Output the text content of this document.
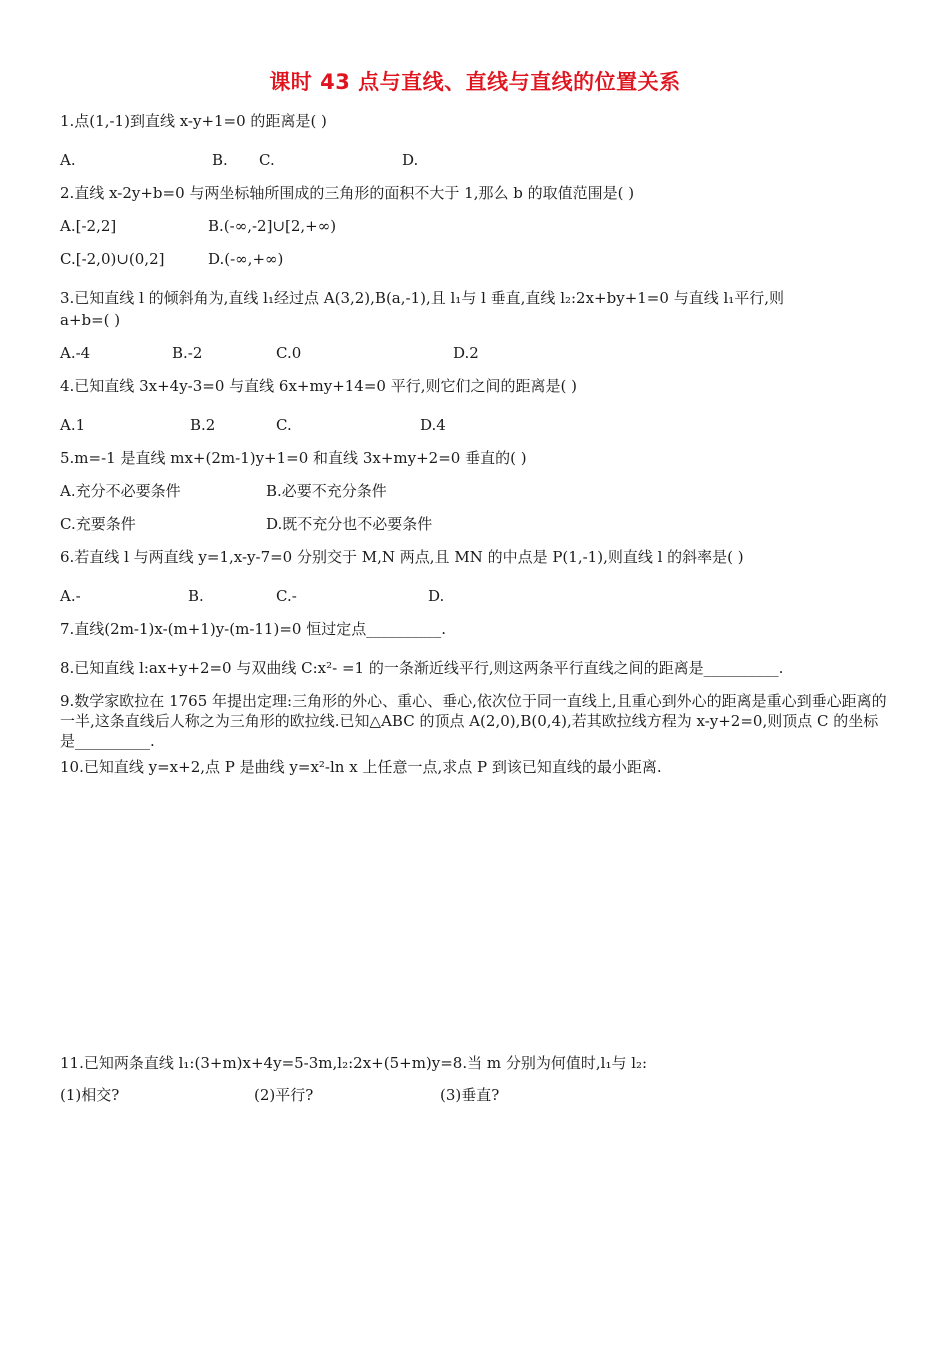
课时 43 点与直线、直线与直线的位置关系
1.点(1,-1)到直线 x-y+1=0 的距离是( )
A.	B. C.	D.
2.直线 x-2y+b=0 与两坐标轴所围成的三角形的面积不大于 1,那么 b 的取值范围是( )
A.[-2,2]	B.(-∞,-2]∪[2,+∞)
C.[-2,0)∪(0,2]	D.(-∞,+∞)
3.已知直线 l 的倾斜角为,直线 l₁经过点 A(3,2),B(a,-1),且 l₁与 l 垂直,直线 l₂:2x+by+1=0 与直线 l₁平行,则
a+b=( )
A.-4	B.-2	C.0	D.2
4.已知直线 3x+4y-3=0 与直线 6x+my+14=0 平行,则它们之间的距离是( )
A.1	B.2	C.	D.4
5.m=-1 是直线 mx+(2m-1)y+1=0 和直线 3x+my+2=0 垂直的( )
A.充分不必要条件	B.必要不充分条件
C.充要条件	D.既不充分也不必要条件
6.若直线 l 与两直线 y=1,x-y-7=0 分别交于 M,N 两点,且 MN 的中点是 P(1,-1),则直线 l 的斜率是( )
A.-	B.	C.-	D.
7.直线(2m-1)x-(m+1)y-(m-11)=0 恒过定点__________.
8.已知直线 l:ax+y+2=0 与双曲线 C:x²- =1 的一条渐近线平行,则这两条平行直线之间的距离是__________.
9.数学家欧拉在 1765 年提出定理:三角形的外心、重心、垂心,依次位于同一直线上,且重心到外心的距离是重心到垂心距离的一半,这条直线后人称之为三角形的欧拉线.已知△ABC 的顶点 A(2,0),B(0,4),若其欧拉线方程为 x-y+2=0,则顶点 C 的坐标是__________.
10.已知直线 y=x+2,点 P 是曲线 y=x²-ln x 上任意一点,求点 P 到该已知直线的最小距离.
11.已知两条直线 l₁:(3+m)x+4y=5-3m,l₂:2x+(5+m)y=8.当 m 分别为何值时,l₁与 l₂:
(1)相交?	(2)平行?	(3)垂直?
